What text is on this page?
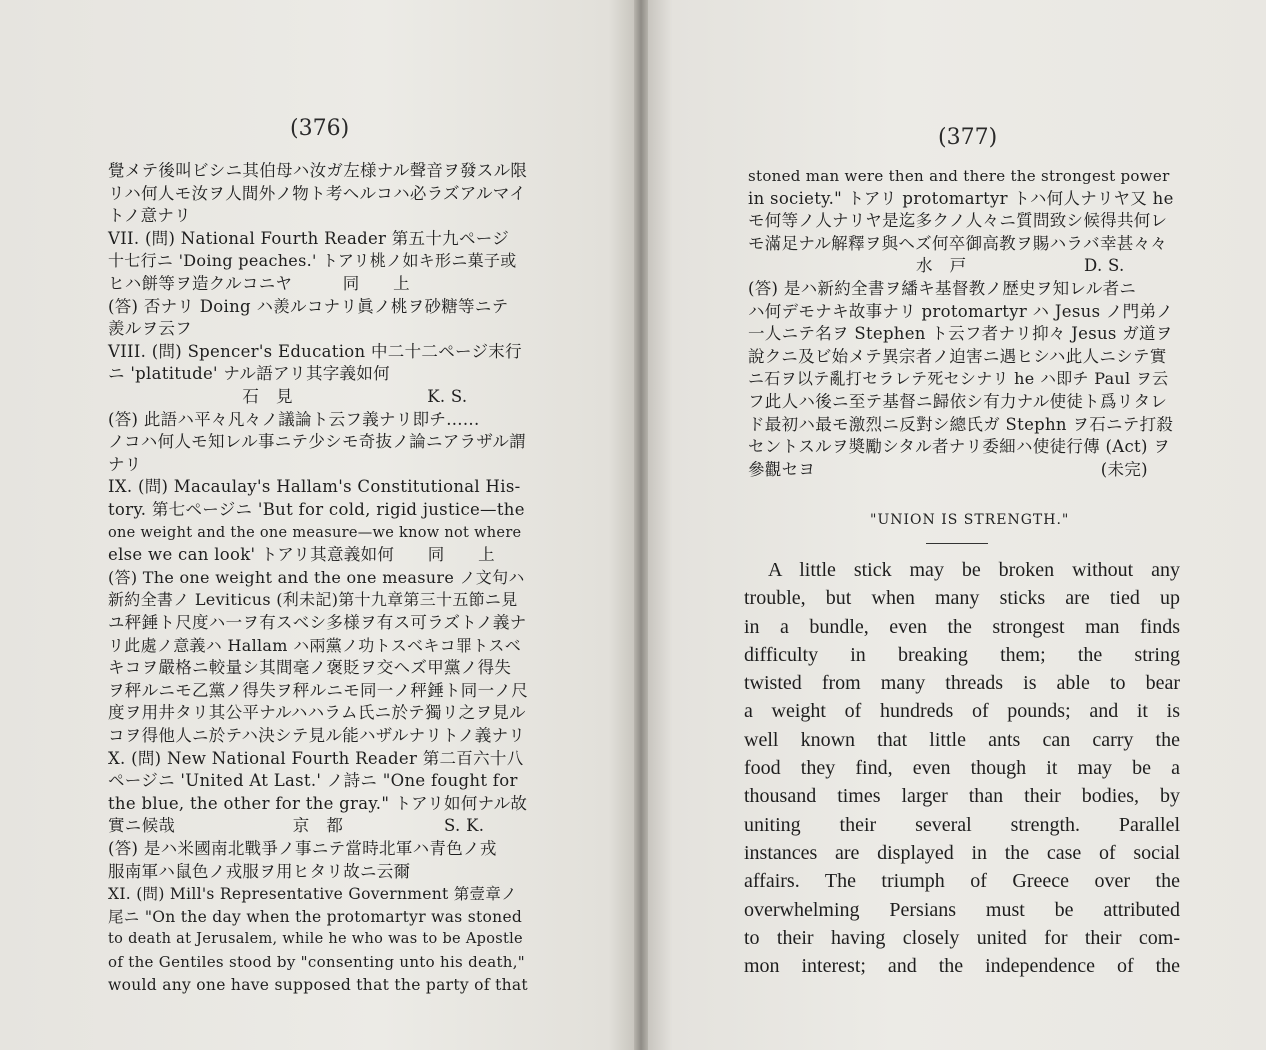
(376)
覺メテ後叫ビシニ其伯母ハ汝ガ左様ナル聲音ヲ發スル限
リハ何人モ汝ヲ人間外ノ物ト考ヘルコハ必ラズアルマイ
トノ意ナリ
VII. (問) National Fourth Reader 第五十九ページ
十七行ニ 'Doing peaches.' トアリ桃ノ如キ形ニ菓子或
ヒハ餅等ヲ造クルコニヤ　　　同　　上
(答) 否ナリ Doing ハ羨ルコナリ眞ノ桃ヲ砂糖等ニテ
羨ルヲ云フ
VIII. (問) Spencer's Education 中二十二ページ末行
ニ 'platitude' ナル語アリ其字義如何
　　　　　　　　石　見　　　　　　　　K. S.
(答) 此語ハ平々凡々ノ議論ト云フ義ナリ即チ......
ノコハ何人モ知レル事ニテ少シモ奇抜ノ論ニアラザル謂
ナリ
IX. (問) Macaulay's Hallam's Constitutional His-
tory. 第七ページニ 'But for cold, rigid justice—the
one weight and the one measure—we know not where
else we can look' トアリ其意義如何　　同　　上
(答) The one weight and the one measure ノ文句ハ
新約全書ノ Leviticus (利未記)第十九章第三十五節ニ見
ユ秤錘ト尺度ハ一ヲ有スベシ多様ヲ有ス可ラズトノ義ナ
リ此處ノ意義ハ Hallam ハ兩黨ノ功トスベキコ罪トスベ
キコヲ嚴格ニ較量シ其間毫ノ褒貶ヲ交ヘズ甲黨ノ得失
ヲ秤ルニモ乙黨ノ得失ヲ秤ルニモ同一ノ秤錘ト同一ノ尺
度ヲ用井タリ其公平ナルハハラム氏ニ於テ獨リ之ヲ見ル
コヲ得他人ニ於テハ決シテ見ル能ハザルナリトノ義ナリ
X. (問) New National Fourth Reader 第二百六十八
ページニ 'United At Last.' ノ詩ニ "One fought for
the blue, the other for the gray." トアリ如何ナル故
實ニ候哉　　　　　　　京　都　　　　　　S. K.
(答) 是ハ米國南北戰爭ノ事ニテ當時北軍ハ青色ノ戎
服南軍ハ鼠色ノ戎服ヲ用ヒタリ故ニ云爾
XI. (問) Mill's Representative Government 第壹章ノ
尾ニ "On the day when the protomartyr was stoned
to death at Jerusalem, while he who was to be Apostle
of the Gentiles stood by "consenting unto his death,"
would any one have supposed that the party of that
(377)
stoned man were then and there the strongest power
in society." トアリ protomartyr トハ何人ナリヤ又 he
モ何等ノ人ナリヤ是迄多クノ人々ニ質問致シ候得共何レ
モ滿足ナル解釋ヲ與ヘズ何卒御高教ヲ賜ハラバ幸甚々々
　　　　　　　　　　水　戸　　　　　　　D. S.
(答) 是ハ新約全書ヲ繙キ基督教ノ歴史ヲ知レル者ニ
ハ何デモナキ故事ナリ protomartyr ハ Jesus ノ門弟ノ
一人ニテ名ヲ Stephen ト云フ者ナリ抑々 Jesus ガ道ヲ
說クニ及ビ始メテ異宗者ノ迫害ニ遇ヒシハ此人ニシテ實
ニ石ヲ以テ亂打セラレテ死セシナリ he ハ即チ Paul ヲ云
フ此人ハ後ニ至テ基督ニ歸依シ有力ナル使徒ト爲リタレ
ド最初ハ最モ激烈ニ反對シ總氏ガ Stephn ヲ石ニテ打殺
セントスルヲ奬勵シタル者ナリ委細ハ使徒行傳 (Act) ヲ
參觀セヨ　　　　　　　　　　　　　　　　　(未完)
"UNION IS STRENGTH."
A little stick may be broken without any
trouble, but when many sticks are tied up
in a bundle, even the strongest man finds
difficulty in breaking them; the string
twisted from many threads is able to bear
a weight of hundreds of pounds; and it is
well known that little ants can carry the
food they find, even though it may be a
thousand times larger than their bodies, by
uniting their several strength. Parallel
instances are displayed in the case of social
affairs. The triumph of Greece over the
overwhelming Persians must be attributed
to their having closely united for their com-
mon interest; and the independence of the
